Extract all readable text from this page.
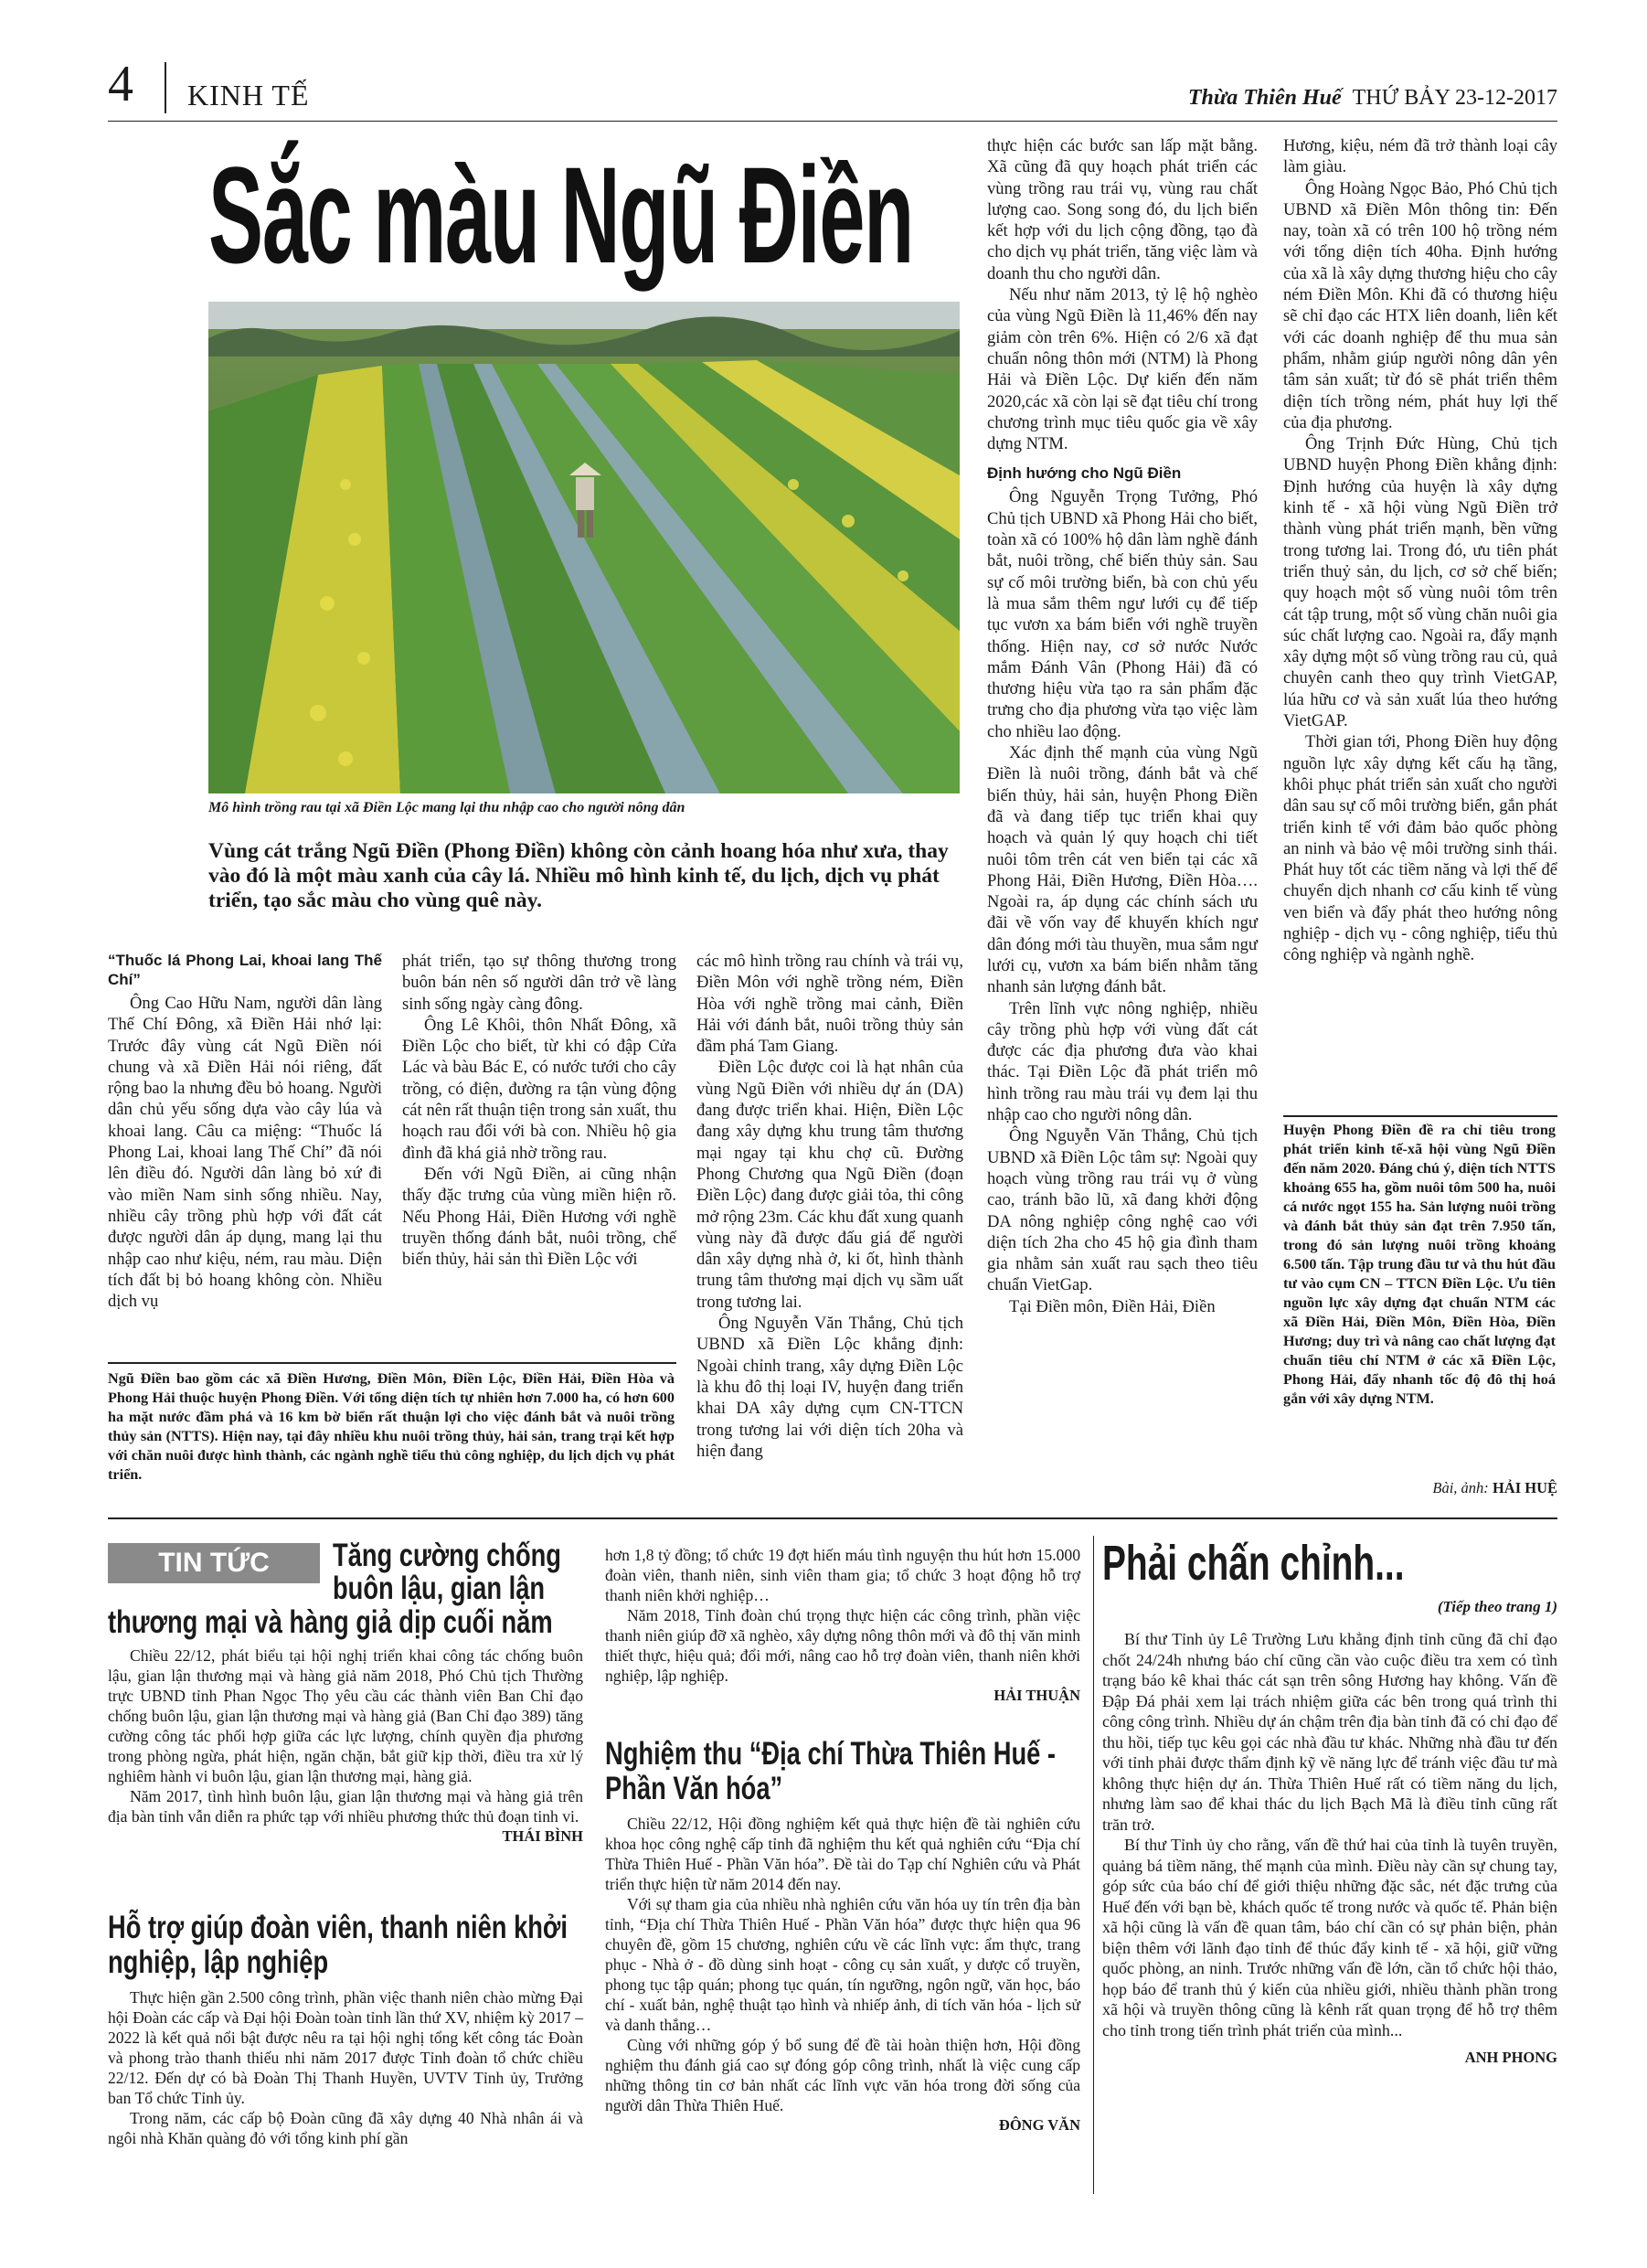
4 KINH TẾ	Thừa Thiên Huế THỨ BẢY 23-12-2017
Sắc màu Ngũ Điền
Mô hình trồng rau tại xã Điền Lộc mang lại thu nhập cao cho người nông dân
Vùng cát trắng Ngũ Điền (Phong Điền) không còn cảnh hoang hóa như xưa, thay vào đó là một màu xanh của cây lá. Nhiều mô hình kinh tế, du lịch, dịch vụ phát triển, tạo sắc màu cho vùng quê này.
“Thuốc lá Phong Lai, khoai lang Thế Chí”

Ông Cao Hữu Nam, người dân làng Thế Chí Đông, xã Điền Hải nhớ lại: Trước đây vùng cát Ngũ Điền nói chung và xã Điền Hải nói riêng, đất rộng bao la nhưng đều bỏ hoang. Người dân chủ yếu sống dựa vào cây lúa và khoai lang. Câu ca miệng: “Thuốc lá Phong Lai, khoai lang Thế Chí” đã nói lên điều đó. Người dân làng bỏ xứ đi vào miền Nam sinh sống nhiều. Nay, nhiều cây trồng phù hợp với đất cát được người dân áp dụng, mang lại thu nhập cao như kiệu, ném, rau màu. Diện tích đất bị bỏ hoang không còn. Nhiều dịch vụ

phát triển, tạo sự thông thương trong buôn bán nên số người dân trở về làng sinh sống ngày càng đông.

Ông Lê Khôi, thôn Nhất Đông, xã Điền Lộc cho biết, từ khi có đập Cửa Lác và bàu Bác E, có nước tưới cho cây trồng, có điện, đường ra tận vùng động cát nên rất thuận tiện trong sản xuất, thu hoạch rau đổi với bà con. Nhiều hộ gia đình đã khá giả nhờ trồng rau.

Đến với Ngũ Điền, ai cũng nhận thấy đặc trưng của vùng miền hiện rõ. Nếu Phong Hải, Điền Hương với nghề truyền thống đánh bắt, nuôi trồng, chế biến thủy, hải sản thì Điền Lộc với

các mô hình trồng rau chính và trái vụ, Điền Môn với nghề trồng ném, Điền Hòa với nghề trồng mai cảnh, Điền Hải với đánh bắt, nuôi trồng thủy sản đầm phá Tam Giang.

Điền Lộc được coi là hạt nhân của vùng Ngũ Điền với nhiều dự án (DA) đang được triển khai. Hiện, Điền Lộc đang xây dựng khu trung tâm thương mại ngay tại khu chợ cũ. Đường Phong Chương qua Ngũ Điền (đoạn Điền Lộc) đang được giải tỏa, thi công mở rộng 23m. Các khu đất xung quanh vùng này đã được đấu giá để người dân xây dựng nhà ở, ki ốt, hình thành trung tâm thương mại dịch vụ sầm uất trong tương lai.

Ông Nguyễn Văn Thắng, Chủ tịch UBND xã Điền Lộc khẳng định: Ngoài chỉnh trang, xây dựng Điền Lộc là khu đô thị loại IV, huyện đang triển khai DA xây dựng cụm CN-TTCN trong tương lai với diện tích 20ha và hiện đang

Ngũ Điền bao gồm các xã Điền Hương, Điền Môn, Điền Lộc, Điền Hải, Điền Hòa và Phong Hải thuộc huyện Phong Điền. Với tổng diện tích tự nhiên hơn 7.000 ha, có hơn 600 ha mặt nước đầm phá và 16 km bờ biển rất thuận lợi cho việc đánh bắt và nuôi trồng thủy sản (NTTS). Hiện nay, tại đây nhiều khu nuôi trồng thủy, hải sản, trang trại kết hợp với chăn nuôi được hình thành, các ngành nghề tiểu thủ công nghiệp, du lịch dịch vụ phát triển.

thực hiện các bước san lấp mặt bằng. Xã cũng đã quy hoạch phát triển các vùng trồng rau trái vụ, vùng rau chất lượng cao. Song song đó, du lịch biển kết hợp với du lịch cộng đồng, tạo đà cho dịch vụ phát triển, tăng việc làm và doanh thu cho người dân.

Nếu như năm 2013, tỷ lệ hộ nghèo của vùng Ngũ Điền là 11,46% đến nay giảm còn trên 6%. Hiện có 2/6 xã đạt chuẩn nông thôn mới (NTM) là Phong Hải và Điền Lộc. Dự kiến đến năm 2020,các xã còn lại sẽ đạt tiêu chí trong chương trình mục tiêu quốc gia về xây dựng NTM.

Định hướng cho Ngũ Điền

Ông Nguyễn Trọng Tưởng, Phó Chủ tịch UBND xã Phong Hải cho biết, toàn xã có 100% hộ dân làm nghề đánh bắt, nuôi trồng, chế biến thủy sản. Sau sự cố môi trường biển, bà con chủ yếu là mua sắm thêm ngư lưới cụ để tiếp tục vươn xa bám biển với nghề truyền thống. Hiện nay, cơ sở nước Nước mắm Đánh Vân (Phong Hải) đã có thương hiệu vừa tạo ra sản phẩm đặc trưng cho địa phương vừa tạo việc làm cho nhiều lao động.

Xác định thế mạnh của vùng Ngũ Điền là nuôi trồng, đánh bắt và chế biến thủy, hải sản, huyện Phong Điền đã và đang tiếp tục triển khai quy hoạch và quản lý quy hoạch chi tiết nuôi tôm trên cát ven biển tại các xã Phong Hải, Điền Hương, Điền Hòa…. Ngoài ra, áp dụng các chính sách ưu đãi về vốn vay để khuyến khích ngư dân đóng mới tàu thuyền, mua sắm ngư lưới cụ, vươn xa bám biển nhằm tăng nhanh sản lượng đánh bắt.

Trên lĩnh vực nông nghiệp, nhiều cây trồng phù hợp với vùng đất cát được các địa phương đưa vào khai thác. Tại Điền Lộc đã phát triển mô hình trồng rau màu trái vụ đem lại thu nhập cao cho người nông dân.

Ông Nguyễn Văn Thắng, Chủ tịch UBND xã Điền Lộc tâm sự: Ngoài quy hoạch vùng trồng rau trái vụ ở vùng cao, tránh bão lũ, xã đang khởi động DA nông nghiệp công nghệ cao với diện tích 2ha cho 45 hộ gia đình tham gia nhằm sản xuất rau sạch theo tiêu chuẩn VietGap.

Tại Điền môn, Điền Hải, Điền

Hương, kiệu, ném đã trở thành loại cây làm giàu.

Ông Hoàng Ngọc Bảo, Phó Chủ tịch UBND xã Điền Môn thông tin: Đến nay, toàn xã có trên 100 hộ trồng ném với tổng diện tích 40ha. Định hướng của xã là xây dựng thương hiệu cho cây ném Điền Môn. Khi đã có thương hiệu sẽ chỉ đạo các HTX liên doanh, liên kết với các doanh nghiệp để thu mua sản phẩm, nhằm giúp người nông dân yên tâm sản xuất; từ đó sẽ phát triển thêm diện tích trồng ném, phát huy lợi thế của địa phương.

Ông Trịnh Đức Hùng, Chủ tịch UBND huyện Phong Điền khẳng định: Định hướng của huyện là xây dựng kinh tế - xã hội vùng Ngũ Điền trở thành vùng phát triển mạnh, bền vững trong tương lai. Trong đó, ưu tiên phát triển thuỷ sản, du lịch, cơ sở chế biến; quy hoạch một số vùng nuôi tôm trên cát tập trung, một số vùng chăn nuôi gia súc chất lượng cao. Ngoài ra, đẩy mạnh xây dựng một số vùng trồng rau củ, quả chuyên canh theo quy trình VietGAP, lúa hữu cơ và sản xuất lúa theo hướng VietGAP.

Thời gian tới, Phong Điền huy động nguồn lực xây dựng kết cấu hạ tầng, khôi phục phát triển sản xuất cho người dân sau sự cố môi trường biển, gắn phát triển kinh tế với đảm bảo quốc phòng an ninh và bảo vệ môi trường sinh thái. Phát huy tốt các tiềm năng và lợi thế để chuyển dịch nhanh cơ cấu kinh tế vùng ven biển và đẩy phát theo hướng nông nghiệp - dịch vụ - công nghiệp, tiểu thủ công nghiệp và ngành nghề.

Huyện Phong Điền đề ra chỉ tiêu trong phát triển kinh tế-xã hội vùng Ngũ Điền đến năm 2020. Đáng chú ý, diện tích NTTS khoảng 655 ha, gồm nuôi tôm 500 ha, nuôi cá nước ngọt 155 ha. Sản lượng nuôi trồng và đánh bắt thủy sản đạt trên 7.950 tấn, trong đó sản lượng nuôi trồng khoảng 6.500 tấn. Tập trung đầu tư và thu hút đầu tư vào cụm CN – TTCN Điền Lộc. Ưu tiên nguồn lực xây dựng đạt chuẩn NTM các xã Điền Hải, Điền Môn, Điền Hòa, Điền Hương; duy trì và nâng cao chất lượng đạt chuẩn tiêu chí NTM ở các xã Điền Lộc, Phong Hải, đẩy nhanh tốc độ đô thị hoá gắn với xây dựng NTM.
Bài, ảnh: HẢI HUỆ
TIN TỨC	Tăng cường chống
buôn lậu, gian lận
thương mại và hàng giả dịp cuối năm

Chiều 22/12, phát biểu tại hội nghị triển khai công tác chống buôn lậu, gian lận thương mại và hàng giả năm 2018, Phó Chủ tịch Thường trực UBND tỉnh Phan Ngọc Thọ yêu cầu các thành viên Ban Chỉ đạo chống buôn lậu, gian lận thương mại và hàng giả (Ban Chỉ đạo 389) tăng cường công tác phối hợp giữa các lực lượng, chính quyền địa phương trong phòng ngừa, phát hiện, ngăn chặn, bắt giữ kịp thời, điều tra xử lý nghiêm hành vi buôn lậu, gian lận thương mại, hàng giả.

Năm 2017, tình hình buôn lậu, gian lận thương mại và hàng giả trên địa bàn tỉnh vẫn diễn ra phức tạp với nhiều phương thức thủ đoạn tinh vi.

THÁI BÌNH
Hỗ trợ giúp đoàn viên, thanh niên khởi nghiệp, lập nghiệp

Thực hiện gần 2.500 công trình, phần việc thanh niên chào mừng Đại hội Đoàn các cấp và Đại hội Đoàn toàn tỉnh lần thứ XV, nhiệm kỳ 2017 – 2022 là kết quả nổi bật được nêu ra tại hội nghị tổng kết công tác Đoàn và phong trào thanh thiếu nhi năm 2017 được Tỉnh đoàn tổ chức chiều 22/12. Đến dự có bà Đoàn Thị Thanh Huyền, UVTV Tỉnh ủy, Trưởng ban Tổ chức Tỉnh ủy.

Trong năm, các cấp bộ Đoàn cũng đã xây dựng 40 Nhà nhân ái và ngôi nhà Khăn quàng đỏ với tổng kinh phí gần

hơn 1,8 tỷ đồng; tổ chức 19 đợt hiến máu tình nguyện thu hút hơn 15.000 đoàn viên, thanh niên, sinh viên tham gia; tổ chức 3 hoạt động hỗ trợ thanh niên khởi nghiệp…

Năm 2018, Tỉnh đoàn chú trọng thực hiện các công trình, phần việc thanh niên giúp đỡ xã nghèo, xây dựng nông thôn mới và đô thị văn minh thiết thực, hiệu quả; đổi mới, nâng cao hỗ trợ đoàn viên, thanh niên khởi nghiệp, lập nghiệp.

HẢI THUẬN
Nghiệm thu “Địa chí Thừa Thiên Huế - Phần Văn hóa”

Chiều 22/12, Hội đồng nghiệm kết quả thực hiện đề tài nghiên cứu khoa học công nghệ cấp tỉnh đã nghiệm thu kết quả nghiên cứu “Địa chí Thừa Thiên Huế - Phần Văn hóa”. Đề tài do Tạp chí Nghiên cứu và Phát triển thực hiện từ năm 2014 đến nay.

Với sự tham gia của nhiều nhà nghiên cứu văn hóa uy tín trên địa bàn tỉnh, “Địa chí Thừa Thiên Huế - Phần Văn hóa” được thực hiện qua 96 chuyên đề, gồm 15 chương, nghiên cứu về các lĩnh vực: ẩm thực, trang phục - Nhà ở - đồ dùng sinh hoạt - công cụ sản xuất, y dược cổ truyền, phong tục tập quán; phong tục quán, tín ngưỡng, ngôn ngữ, văn học, báo chí - xuất bản, nghệ thuật tạo hình và nhiếp ảnh, di tích văn hóa - lịch sử và danh thắng…

Cùng với những góp ý bổ sung để đề tài hoàn thiện hơn, Hội đồng nghiệm thu đánh giá cao sự đóng góp công trình, nhất là việc cung cấp những thông tin cơ bản nhất các lĩnh vực văn hóa trong đời sống của người dân Thừa Thiên Huế.

ĐÔNG VĂN
Phải chấn chỉnh...
(Tiếp theo trang 1)

Bí thư Tỉnh ủy Lê Trường Lưu khẳng định tỉnh cũng đã chỉ đạo chốt 24/24h nhưng báo chí cũng cần vào cuộc điều tra xem có tình trạng báo kê khai thác cát sạn trên sông Hương hay không. Vấn đề Đập Đá phải xem lại trách nhiệm giữa các bên trong quá trình thi công công trình. Nhiều dự án chậm trên địa bàn tỉnh đã có chỉ đạo để thu hồi, tiếp tục kêu gọi các nhà đầu tư khác. Những nhà đầu tư đến với tỉnh phải được thẩm định kỹ về năng lực để tránh việc đầu tư mà không thực hiện dự án. Thừa Thiên Huế rất có tiềm năng du lịch, nhưng làm sao để khai thác du lịch Bạch Mã là điều tỉnh cũng rất trăn trở.

Bí thư Tỉnh ủy cho rằng, vấn đề thứ hai của tỉnh là tuyên truyền, quảng bá tiềm năng, thế mạnh của mình. Điều này cần sự chung tay, góp sức của báo chí để giới thiệu những đặc sắc, nét đặc trưng của Huế đến với bạn bè, khách quốc tế trong nước và quốc tế. Phản biện xã hội cũng là vấn đề quan tâm, báo chí cần có sự phản biện, phản biện thêm với lãnh đạo tỉnh để thúc đẩy kinh tế - xã hội, giữ vững quốc phòng, an ninh. Trước những vấn đề lớn, cần tổ chức hội thảo, họp báo để tranh thủ ý kiến của nhiều giới, nhiều thành phần trong xã hội và truyền thông cũng là kênh rất quan trọng để hỗ trợ thêm cho tỉnh trong tiến trình phát triển của mình...

ANH PHONG
